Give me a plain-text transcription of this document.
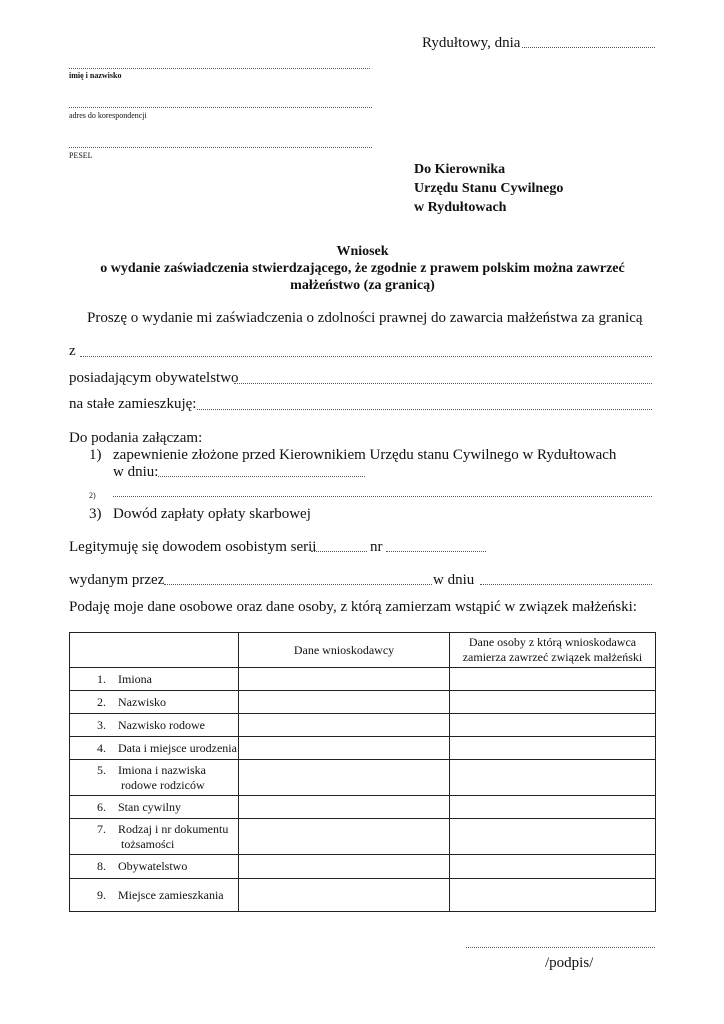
Rydułtowy, dnia
imię i nazwisko
adres do korespondencji
PESEL
Do Kierownika
Urzędu Stanu Cywilnego
w Rydułtowach
Wniosek
o wydanie zaświadczenia stwierdzającego, że zgodnie z prawem polskim można zawrzeć
małżeństwo (za granicą)
Proszę o wydanie mi zaświadczenia o zdolności prawnej do zawarcia małżeństwa za granicą
z
posiadającym obywatelstwo
na stałe zamieszkuję:
Do podania załączam:
1) zapewnienie złożone przed Kierownikiem Urzędu stanu Cywilnego w Rydułtowach
w dniu:
2)
3) Dowód zapłaty opłaty skarbowej
Legitymuję się dowodem osobistym serii	nr
wydanym przez	w dniu
Podaję moje dane osobowe oraz dane osoby, z którą zamierzam wstąpić w związek małżeński:
	Dane wnioskodawcy	Dane osoby z którą wnioskodawca
zamierza zawrzeć związek małżeński

1. Imiona		
2. Nazwisko		
3. Nazwisko rodowe		
4. Data i miejsce urodzenia		
5. Imiona i nazwiska
rodowe rodziców		
6. Stan cywilny		
7. Rodzaj i nr dokumentu
tożsamości		
8. Obywatelstwo		
9. Miejsce zamieszkania		
/podpis/
